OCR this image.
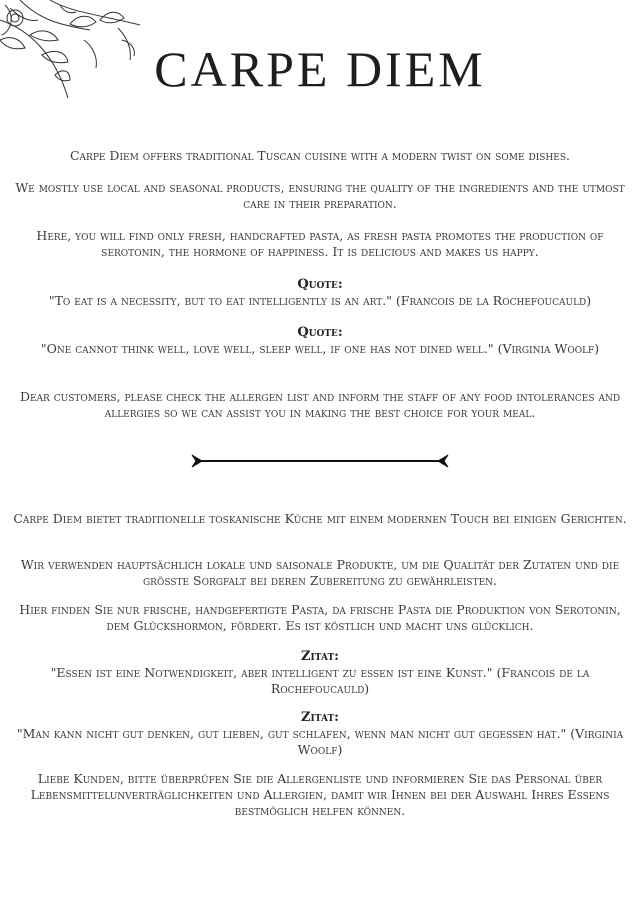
CARPE DIEM

Carpe Diem offers traditional Tuscan cuisine with a modern twist on some dishes.

We mostly use local and seasonal products, ensuring the quality of the ingredients and the utmost care in their preparation.

Here, you will find only fresh, handcrafted pasta, as fresh pasta promotes the production of serotonin, the hormone of happiness. It is delicious and makes us happy.

Quote:

"To eat is a necessity, but to eat intelligently is an art." (Francois de la Rochefoucauld)

Quote:

"One cannot think well, love well, sleep well, if one has not dined well." (Virginia Woolf)

Dear customers, please check the allergen list and inform the staff of any food intolerances and allergies so we can assist you in making the best choice for your meal.

Carpe Diem bietet traditionelle toskanische Küche mit einem modernen Touch bei einigen Gerichten.

Wir verwenden hauptsächlich lokale und saisonale Produkte, um die Qualität der Zutaten und die größte Sorgfalt bei deren Zubereitung zu gewährleisten.

Hier finden Sie nur frische, handgefertigte Pasta, da frische Pasta die Produktion von Serotonin, dem Glückshormon, fördert. Es ist köstlich und macht uns glücklich.

Zitat:

"Essen ist eine Notwendigkeit, aber intelligent zu essen ist eine Kunst." (Francois de la Rochefoucauld)

Zitat:

"Man kann nicht gut denken, gut lieben, gut schlafen, wenn man nicht gut gegessen hat." (Virginia Woolf)

Liebe Kunden, bitte überprüfen Sie die Allergenliste und informieren Sie das Personal über Lebensmittelunverträglichkeiten und Allergien, damit wir Ihnen bei der Auswahl Ihres Essens bestmöglich helfen können.
